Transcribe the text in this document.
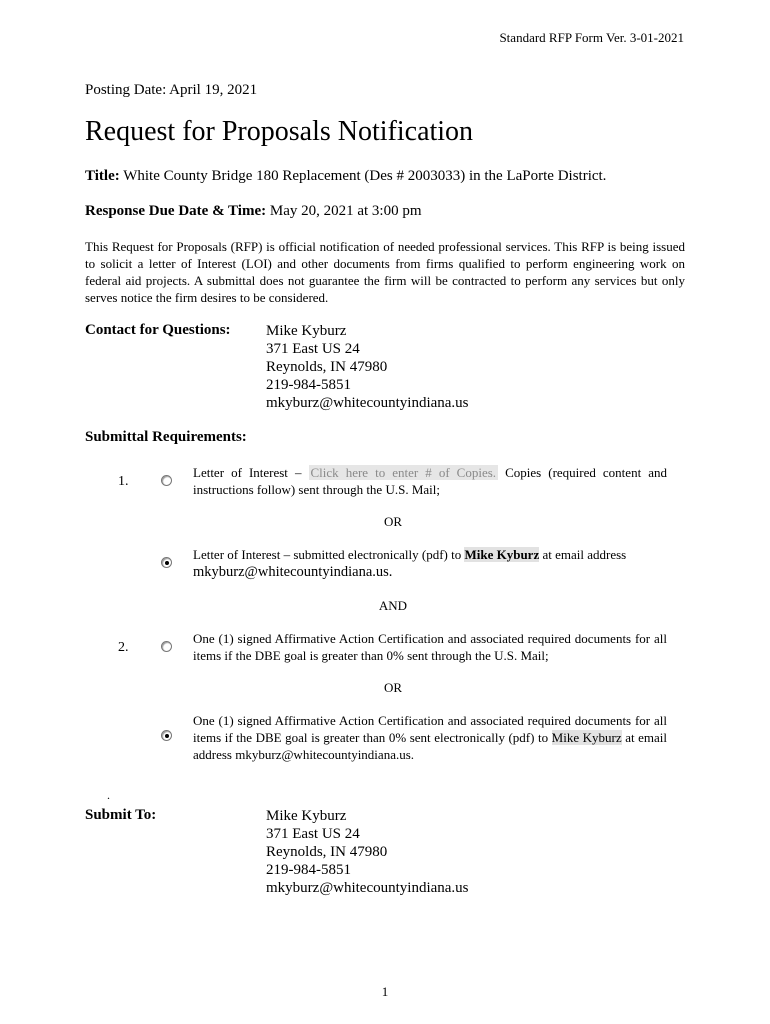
Standard RFP Form Ver. 3-01-2021
Posting Date: April 19, 2021
Request for Proposals Notification
Title: White County Bridge 180 Replacement (Des # 2003033) in the LaPorte District.
Response Due Date & Time: May 20, 2021 at 3:00 pm
This Request for Proposals (RFP) is official notification of needed professional services. This RFP is being issued to solicit a letter of Interest (LOI) and other documents from firms qualified to perform engineering work on federal aid projects. A submittal does not guarantee the firm will be contracted to perform any services but only serves notice the firm desires to be considered.
Contact for Questions: Mike Kyburz
371 East US 24
Reynolds, IN 47980
219-984-5851
mkyburz@whitecountyindiana.us
Submittal Requirements:
1.
Letter of Interest – Click here to enter # of Copies. Copies (required content and instructions follow) sent through the U.S. Mail;
OR
Letter of Interest – submitted electronically (pdf) to Mike Kyburz at email address
mkyburz@whitecountyindiana.us.
AND
2.
One (1) signed Affirmative Action Certification and associated required documents for all items if the DBE goal is greater than 0% sent through the U.S. Mail;
OR
One (1) signed Affirmative Action Certification and associated required documents for all items if the DBE goal is greater than 0% sent electronically (pdf) to Mike Kyburz at email address mkyburz@whitecountyindiana.us.
.
Submit To:	Mike Kyburz
371 East US 24
Reynolds, IN 47980
219-984-5851
mkyburz@whitecountyindiana.us
1
